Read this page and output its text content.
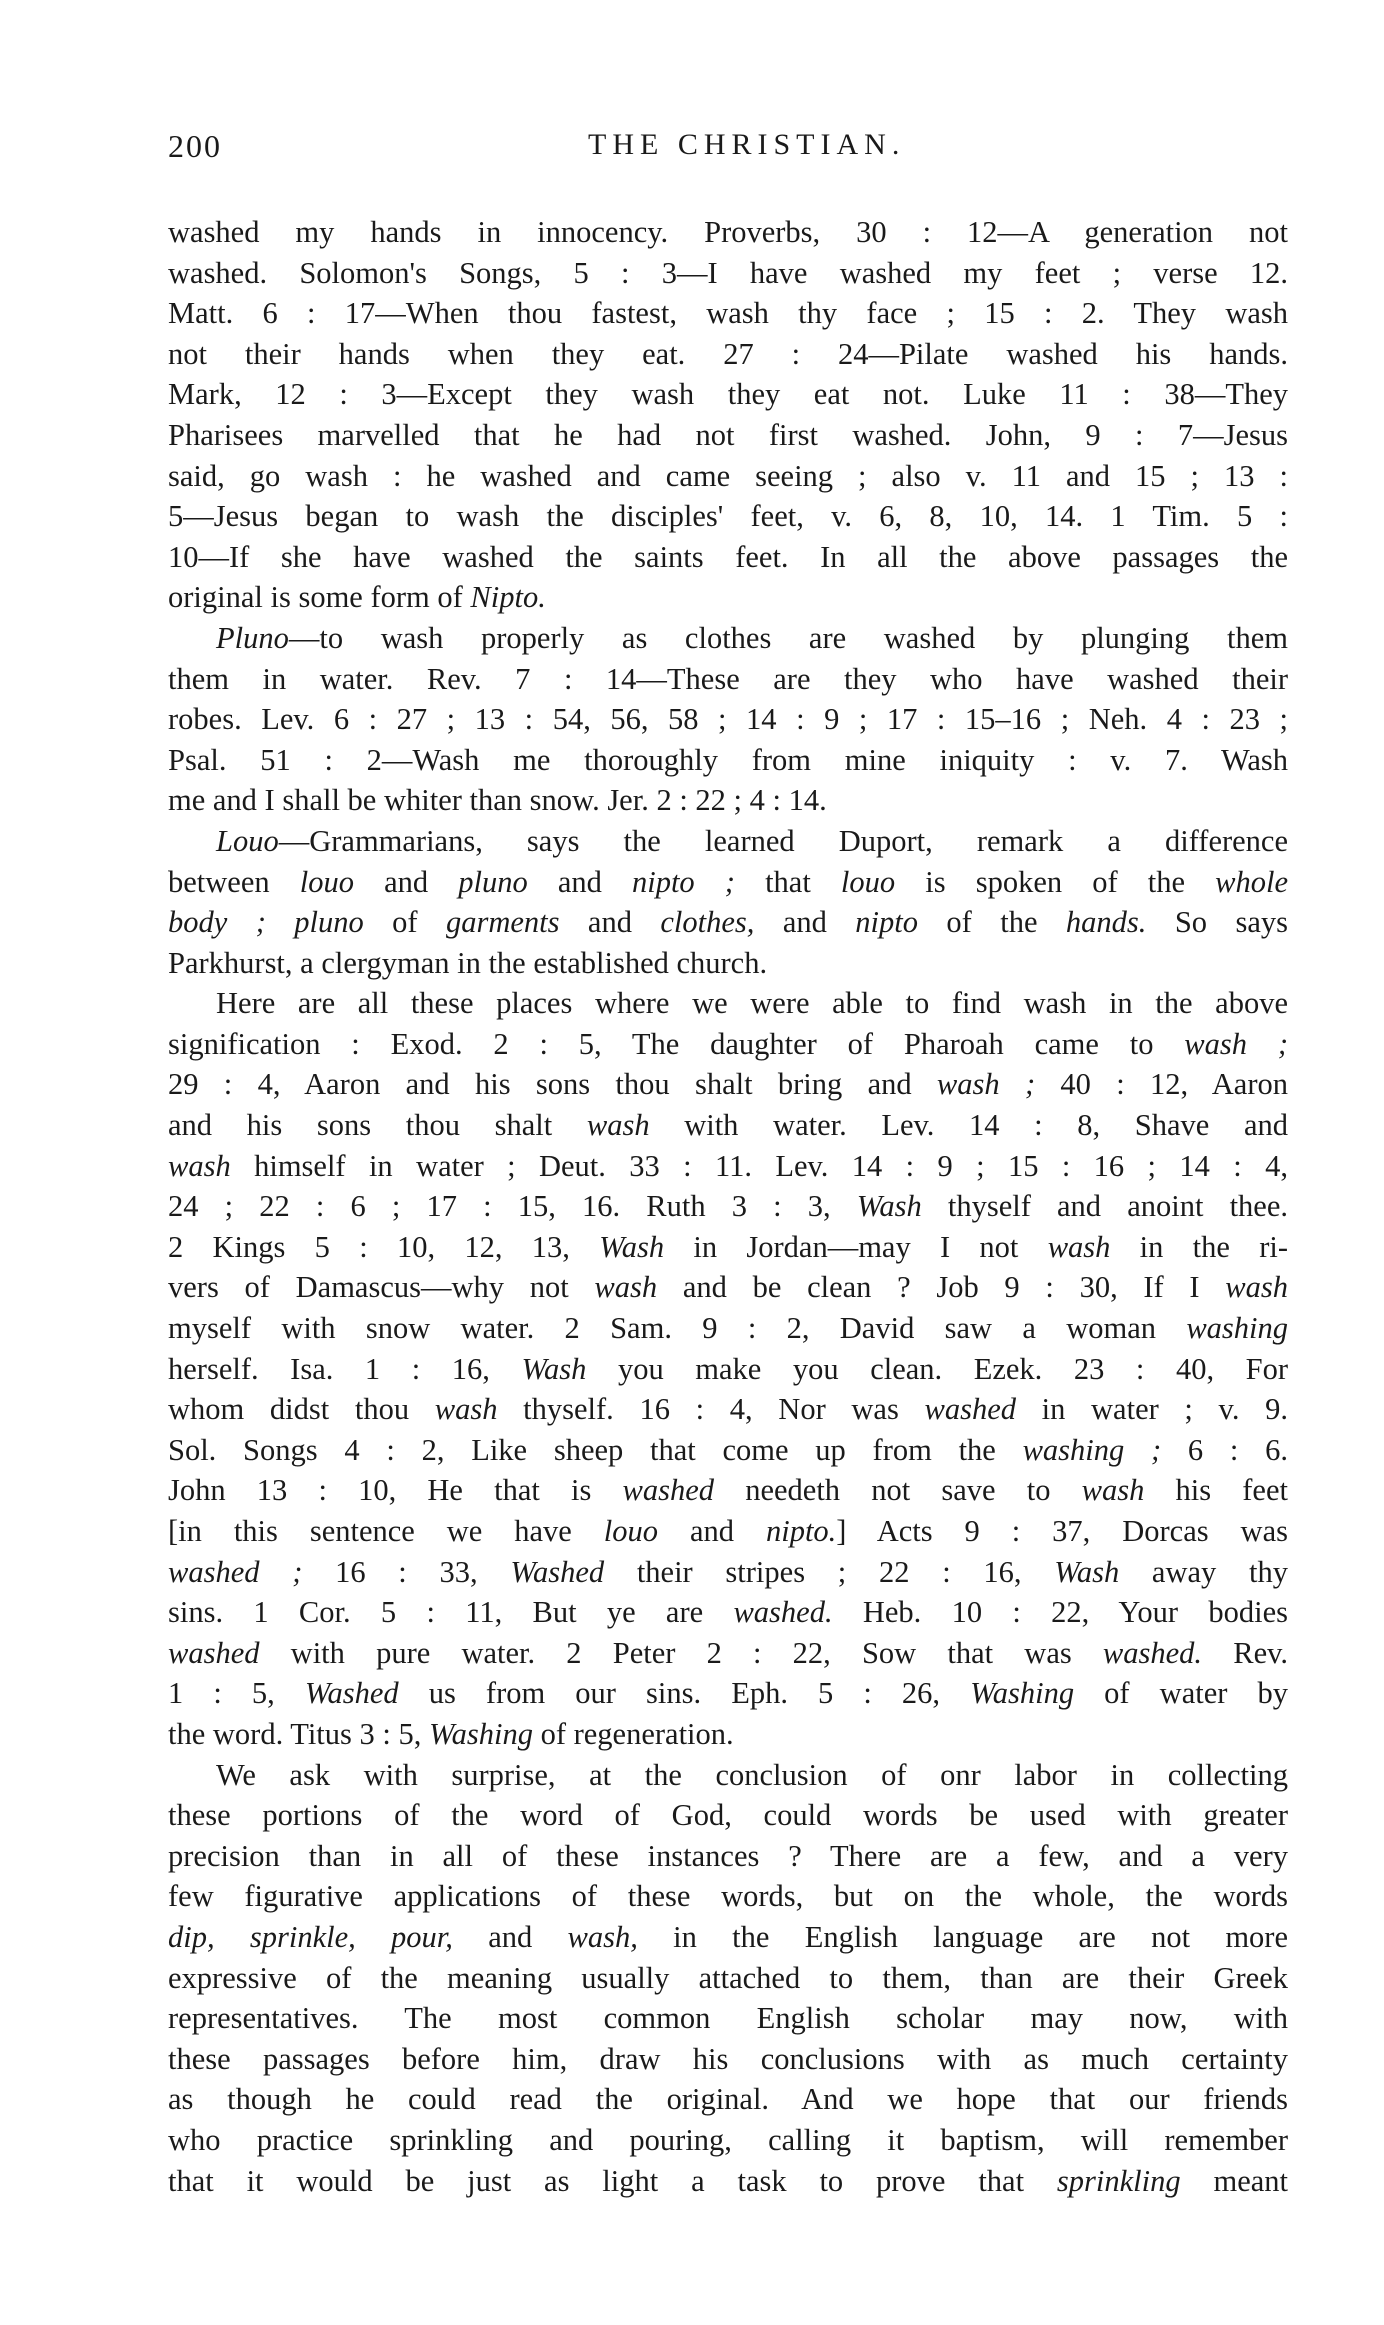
200	THE CHRISTIAN.
washed my hands in innocency. Proverbs, 30 : 12—A generation not
washed. Solomon's Songs, 5 : 3—I have washed my feet ; verse 12.
Matt. 6 : 17—When thou fastest, wash thy face ; 15 : 2. They wash
not their hands when they eat. 27 : 24—Pilate washed his hands.
Mark, 12 : 3—Except they wash they eat not. Luke 11 : 38—They
Pharisees marvelled that he had not first washed. John, 9 : 7—Jesus
said, go wash : he washed and came seeing ; also v. 11 and 15 ; 13 :
5—Jesus began to wash the disciples' feet, v. 6, 8, 10, 14. 1 Tim. 5 :
10—If she have washed the saints feet. In all the above passages the
original is some form of Nipto.
Pluno—to wash properly as clothes are washed by plunging them
them in water. Rev. 7 : 14—These are they who have washed their
robes. Lev. 6 : 27 ; 13 : 54, 56, 58 ; 14 : 9 ; 17 : 15–16 ; Neh. 4 : 23 ;
Psal. 51 : 2—Wash me thoroughly from mine iniquity : v. 7. Wash
me and I shall be whiter than snow. Jer. 2 : 22 ; 4 : 14.
Louo—Grammarians, says the learned Duport, remark a difference
between louo and pluno and nipto ; that louo is spoken of the whole
body ; pluno of garments and clothes, and nipto of the hands. So says
Parkhurst, a clergyman in the established church.
Here are all these places where we were able to find wash in the above
signification : Exod. 2 : 5, The daughter of Pharoah came to wash ;
29 : 4, Aaron and his sons thou shalt bring and wash ; 40 : 12, Aaron
and his sons thou shalt wash with water. Lev. 14 : 8, Shave and
wash himself in water ; Deut. 33 : 11. Lev. 14 : 9 ; 15 : 16 ; 14 : 4,
24 ; 22 : 6 ; 17 : 15, 16. Ruth 3 : 3, Wash thyself and anoint thee.
2 Kings 5 : 10, 12, 13, Wash in Jordan—may I not wash in the ri-
vers of Damascus—why not wash and be clean ? Job 9 : 30, If I wash
myself with snow water. 2 Sam. 9 : 2, David saw a woman washing
herself. Isa. 1 : 16, Wash you make you clean. Ezek. 23 : 40, For
whom didst thou wash thyself. 16 : 4, Nor was washed in water ; v. 9.
Sol. Songs 4 : 2, Like sheep that come up from the washing ; 6 : 6.
John 13 : 10, He that is washed needeth not save to wash his feet
[in this sentence we have louo and nipto.] Acts 9 : 37, Dorcas was
washed ; 16 : 33, Washed their stripes ; 22 : 16, Wash away thy
sins. 1 Cor. 5 : 11, But ye are washed. Heb. 10 : 22, Your bodies
washed with pure water. 2 Peter 2 : 22, Sow that was washed. Rev.
1 : 5, Washed us from our sins. Eph. 5 : 26, Washing of water by
the word. Titus 3 : 5, Washing of regeneration.
We ask with surprise, at the conclusion of onr labor in collecting
these portions of the word of God, could words be used with greater
precision than in all of these instances ? There are a few, and a very
few figurative applications of these words, but on the whole, the words
dip, sprinkle, pour, and wash, in the English language are not more
expressive of the meaning usually attached to them, than are their Greek
representatives. The most common English scholar may now, with
these passages before him, draw his conclusions with as much certainty
as though he could read the original. And we hope that our friends
who practice sprinkling and pouring, calling it baptism, will remember
that it would be just as light a task to prove that sprinkling meant
